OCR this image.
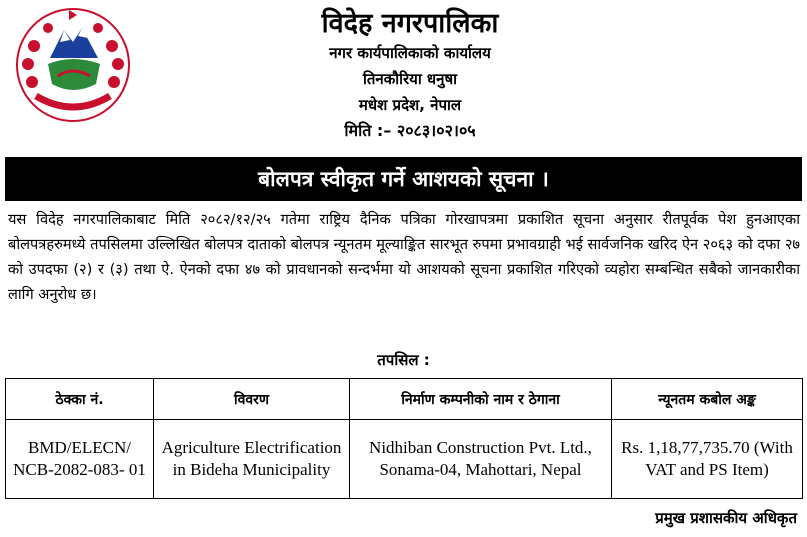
विदेह नगरपालिका

नगर कार्यपालिकाको कार्यालय

तिनकौरिया धनुषा

मधेश प्रदेश, नेपाल

मिति :– २०८३।०२।०५

बोलपत्र स्वीकृत गर्ने आशयको सूचना ।
यस विदेह नगरपालिकाबाट मिति २०८२/१२/२५ गतेमा राष्ट्रिय दैनिक पत्रिका गोरखापत्रमा प्रकाशित सूचना अनुसार रीतपूर्वक पेश हुनआएका बोलपत्रहरुमध्ये तपसिलमा उल्लिखित बोलपत्र दाताको बोलपत्र न्यूनतम मूल्याङ्कित सारभूत रुपमा प्रभावग्राही भई सार्वजनिक खरिद ऐन २०६३ को दफा २७ को उपदफा (२) र (३) तथा ऐ. ऐनको दफा ४७ को प्रावधानको सन्दर्भमा यो आशयको सूचना प्रकाशित गरिएको व्यहोरा सम्बन्धित सबैको जानकारीका लागि अनुरोध छ।
तपसिल :
ठेक्का नं.	विवरण	निर्माण कम्पनीको नाम र ठेगाना	न्यूनतम कबोल अङ्क
BMD/ELECN/ NCB-2082-083- 01	Agriculture Electrification in Bideha Municipality	Nidhiban Construction Pvt. Ltd., Sonama-04, Mahottari, Nepal	Rs. 1,18,77,735.70 (With VAT and PS Item)
प्रमुख प्रशासकीय अधिकृत
